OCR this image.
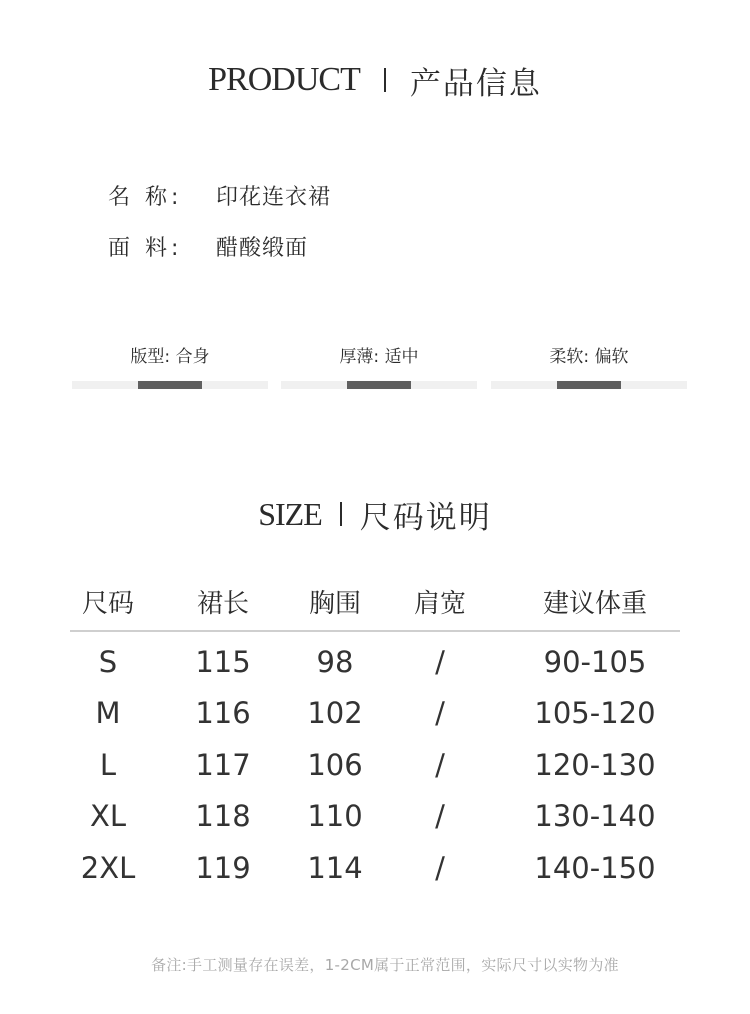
PRODUCT 产品信息
名 称:	印花连衣裙
面 料:	醋酸缎面
版型: 合身	厚薄: 适中	柔软: 偏软
SIZE 尺码说明
尺码	裙长	胸围	肩宽	建议体重
S	115	98	/	90-105
M	116	102	/	105-120
L	117	106	/	120-130
XL	118	110	/	130-140
2XL	119	114	/	140-150
备注:手工测量存在误差，1-2CM属于正常范围，实际尺寸以实物为准
